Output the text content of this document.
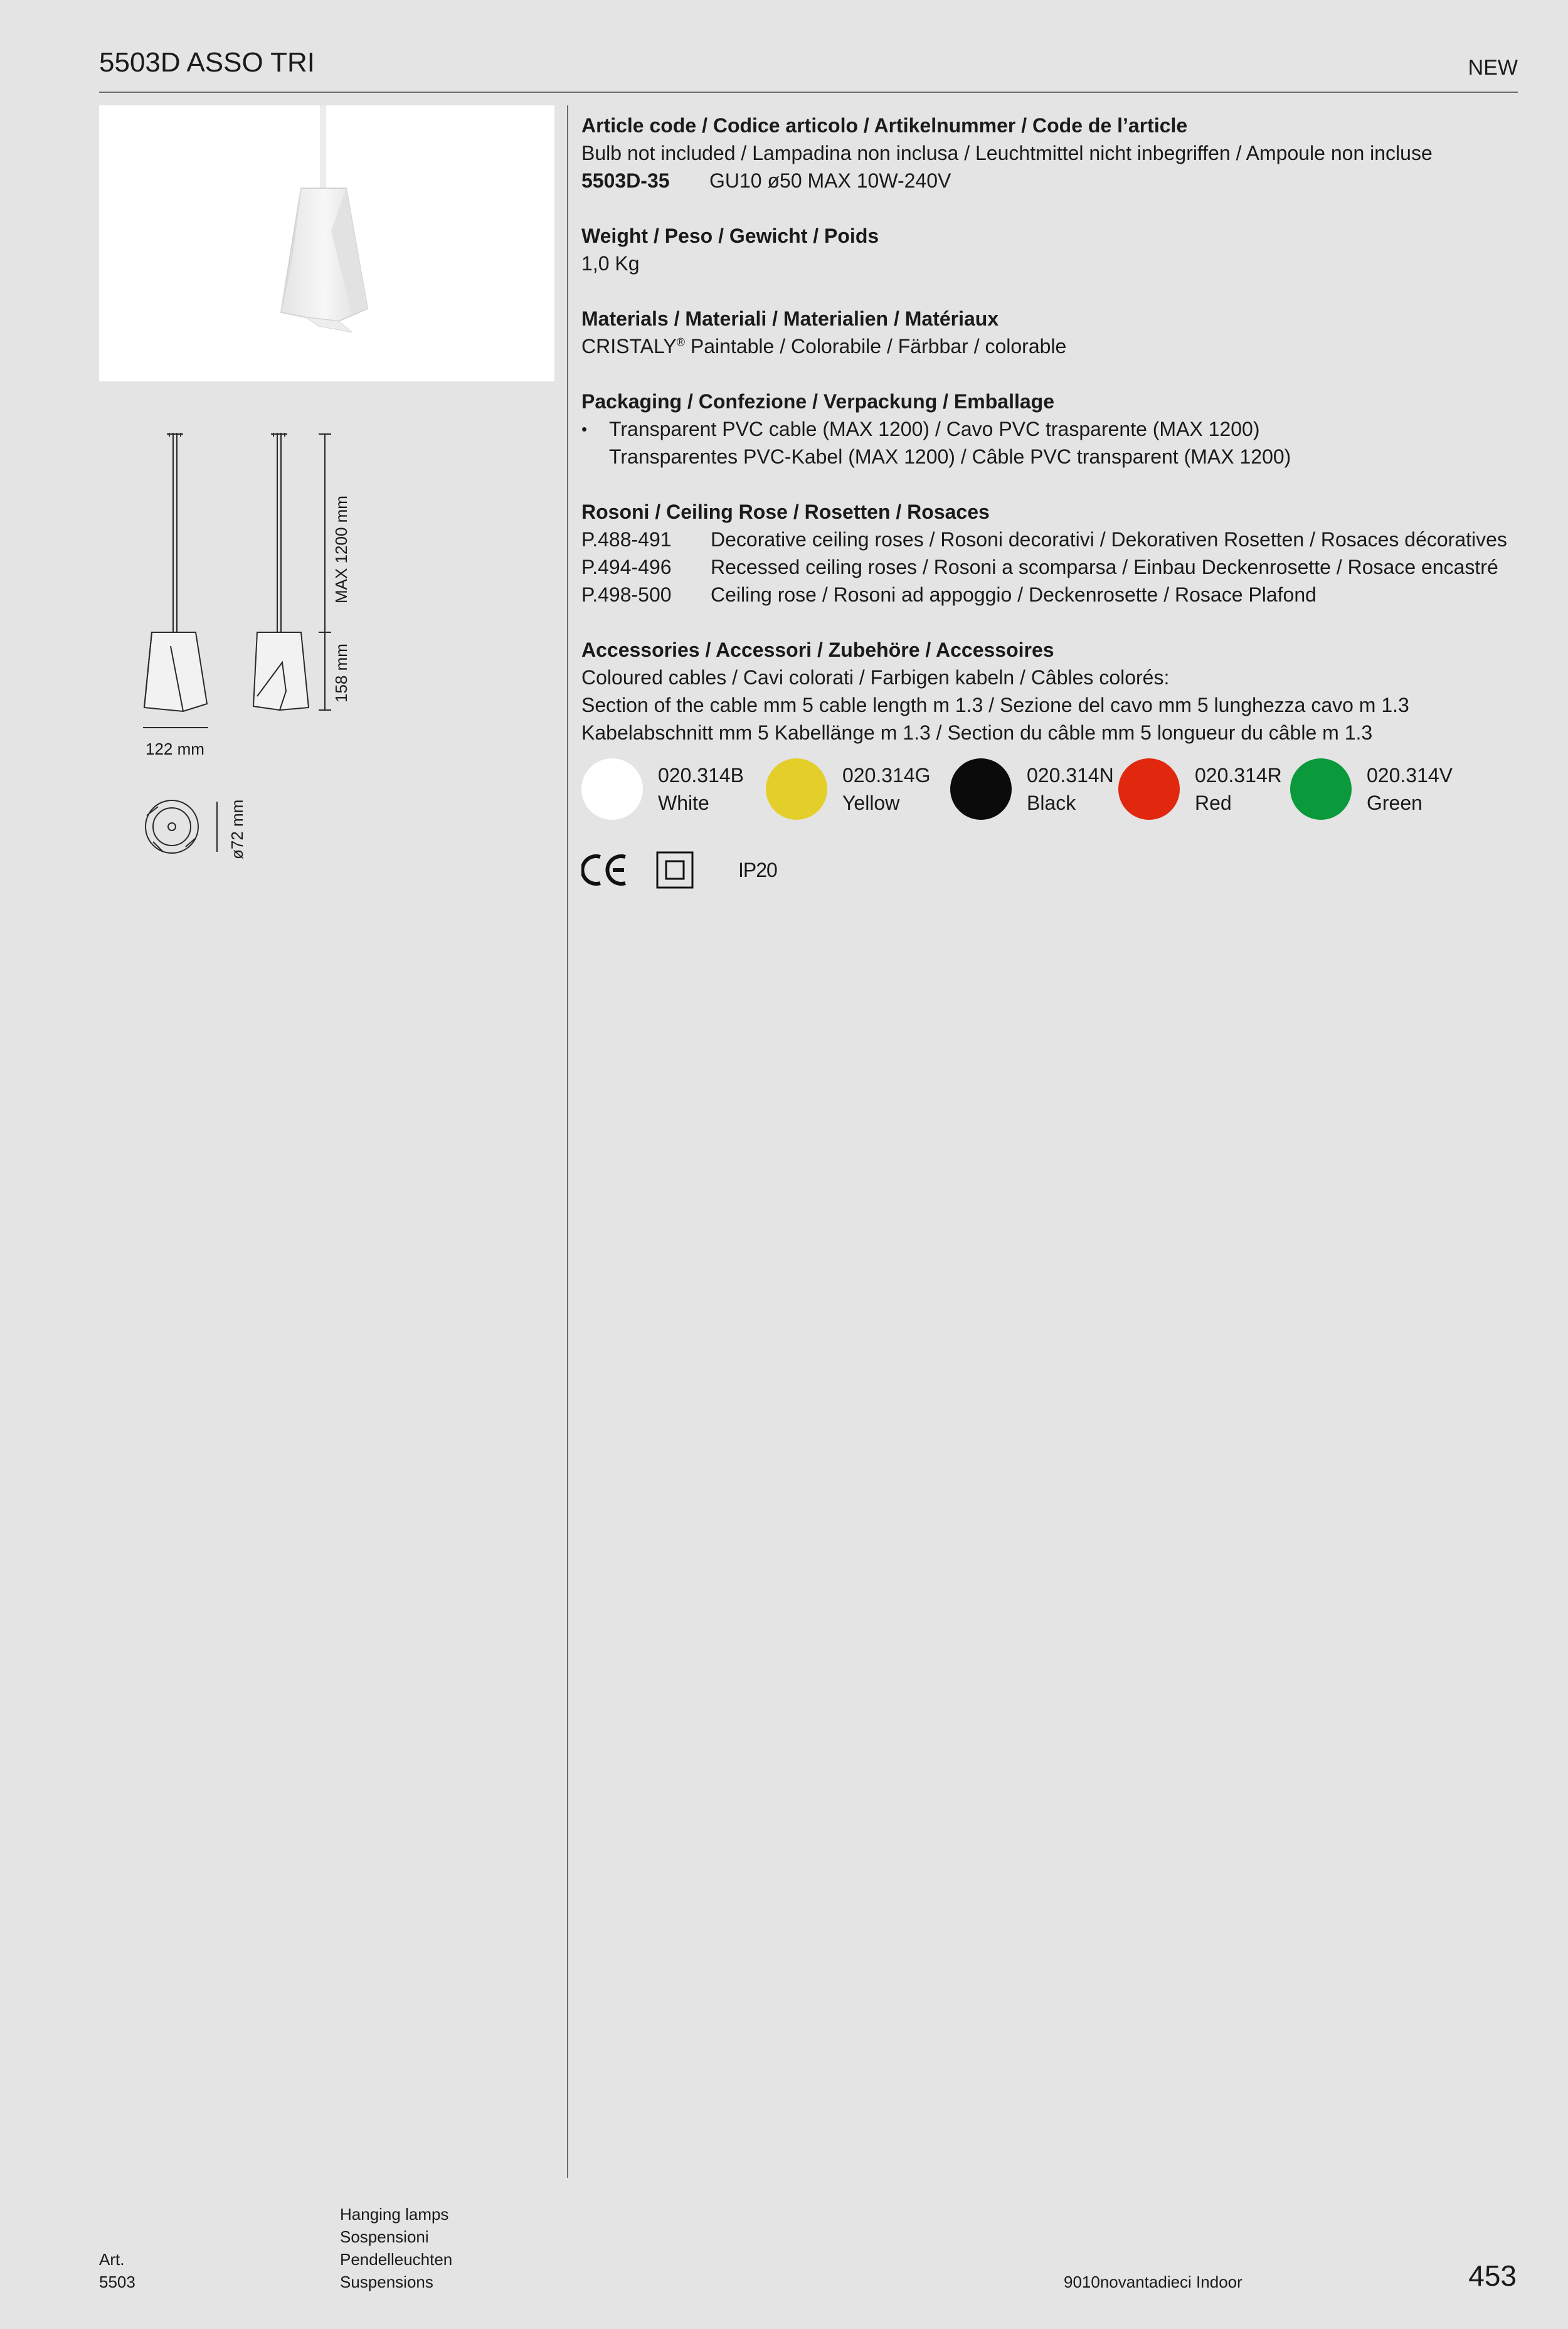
5503D ASSO TRI	NEW
122 mm
MAX 1200 mm
158 mm
ø72 mm
Article code / Codice articolo / Artikelnummer / Code de l’article
Bulb not included / Lampadina non inclusa / Leuchtmittel nicht inbegriffen / Ampoule non incluse
5503D-35	GU10 ø50 MAX 10W-240V
Weight / Peso / Gewicht / Poids
1,0 Kg
Materials / Materiali / Materialien / Matériaux
CRISTALY® Paintable / Colorabile / Färbbar / colorable
Packaging / Confezione / Verpackung / Emballage
•	Transparent PVC cable (MAX 1200) / Cavo PVC trasparente (MAX 1200)
Transparentes PVC-Kabel (MAX 1200) / Câble PVC transparent (MAX 1200)
Rosoni / Ceiling Rose / Rosetten / Rosaces
P.488-491	Decorative ceiling roses / Rosoni decorativi / Dekorativen Rosetten / Rosaces décoratives
P.494-496	Recessed ceiling roses / Rosoni a scomparsa / Einbau Deckenrosette / Rosace encastré
P.498-500	Ceiling rose / Rosoni ad appoggio / Deckenrosette / Rosace Plafond
Accessories / Accessori / Zubehöre / Accessoires
Coloured cables / Cavi colorati / Farbigen kabeln / Câbles colorés:
Section of the cable mm 5 cable length m 1.3 / Sezione del cavo mm 5 lunghezza cavo m 1.3
Kabelabschnitt mm 5 Kabellänge m 1.3 / Section du câble mm 5 longueur du câble m 1.3
020.314B
White
020.314G
Yellow
020.314N
Black
020.314R
Red
020.314V
Green
IP20
Art.
5503
Hanging lamps
Sospensioni
Pendelleuchten
Suspensions	9010novantadieci Indoor	453
